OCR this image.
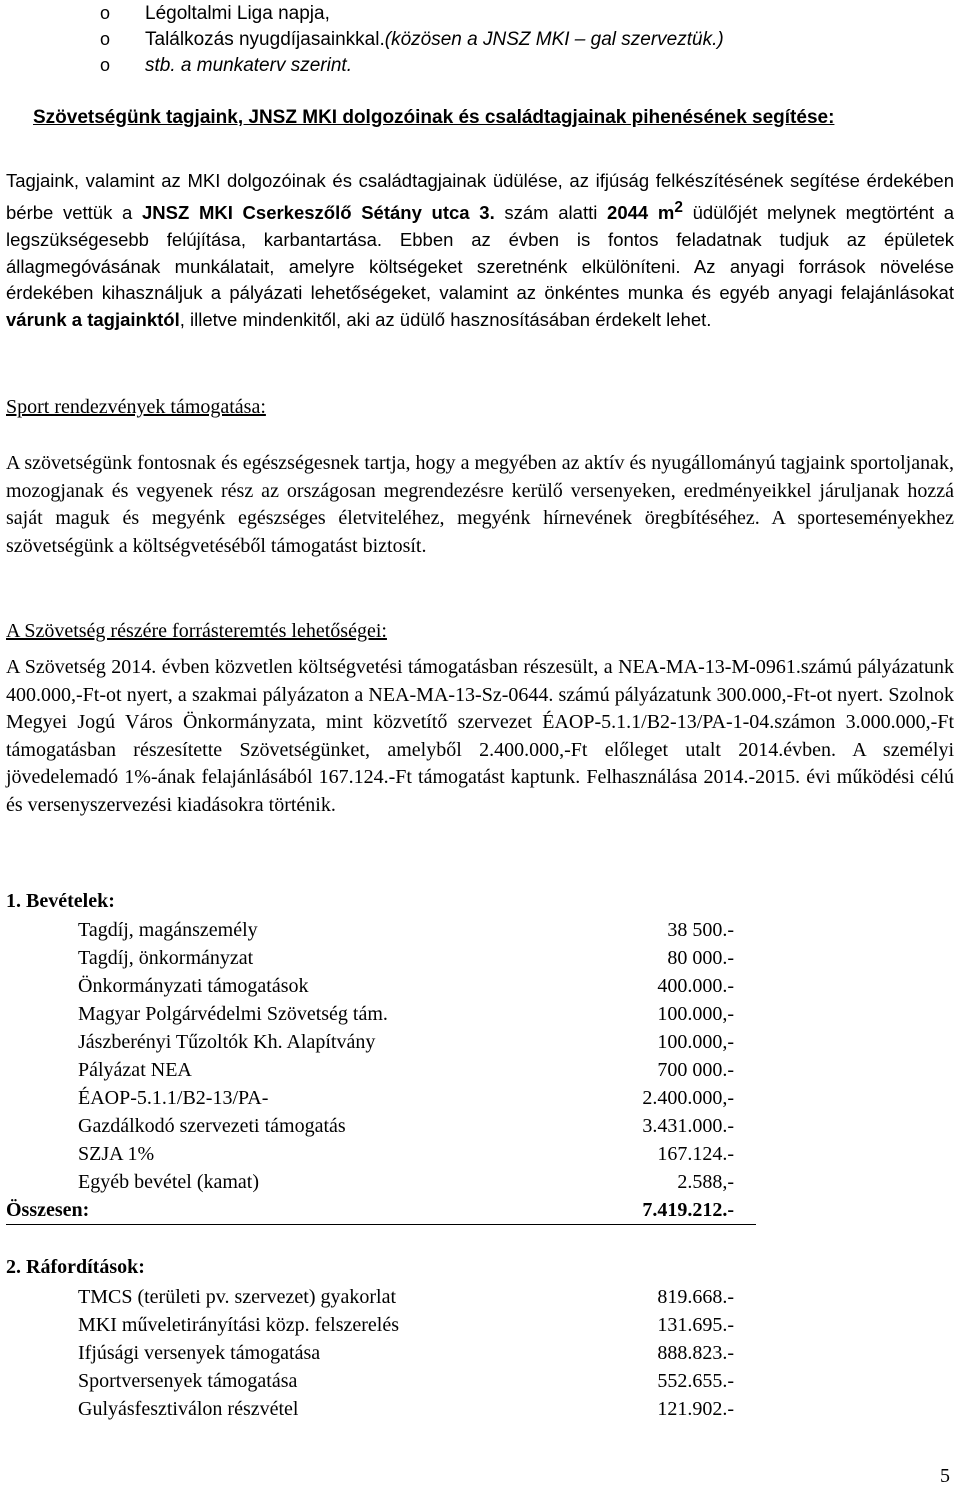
o	Légoltalmi Liga napja,
o	Találkozás nyugdíjasainkkal. (közösen a JNSZ MKI – gal szerveztük.)
o	stb. a munkaterv szerint.
Szövetségünk tagjaink, JNSZ MKI dolgozóinak és családtagjainak pihenésének segítése:
Tagjaink, valamint az MKI dolgozóinak és családtagjainak üdülése, az ifjúság felkészítésének segítése érdekében bérbe vettük a JNSZ MKI Cserkeszőlő Sétány utca 3. szám alatti 2044 $m^2$ üdülőjét melynek megtörtént a legszükségesebb felújítása, karbantartása. Ebben az évben is fontos feladatnak tudjuk az épületek állagmegóvásának munkálatait, amelyre költségeket szeretnénk elkülöníteni. Az anyagi források növelése érdekében kihasználjuk a pályázati lehetőségeket, valamint az önkéntes munka és egyéb anyagi felajánlásokat várunk a tagjainktól, illetve mindenkitől, aki az üdülő hasznosításában érdekelt lehet.
Sport rendezvények támogatása:
A szövetségünk fontosnak és egészségesnek tartja, hogy a megyében az aktív és nyugállományú tagjaink sportoljanak, mozogjanak és vegyenek rész az országosan megrendezésre kerülő versenyeken, eredményeikkel járuljanak hozzá saját maguk és megyénk egészséges életviteléhez, megyénk hírnevének öregbítéséhez. A sporteseményekhez szövetségünk a költségvetéséből támogatást biztosít.
A Szövetség részére forrásteremtés lehetőségei:
A Szövetség 2014. évben közvetlen költségvetési támogatásban részesült, a NEA-MA-13-M-0961.számú pályázatunk 400.000,-Ft-ot nyert, a szakmai pályázaton a NEA-MA-13-Sz-0644. számú pályázatunk 300.000,-Ft-ot nyert. Szolnok Megyei Jogú Város Önkormányzata, mint közvetítő szervezet ÉAOP-5.1.1/B2-13/PA-1-04.számon 3.000.000,-Ft támogatásban részesítette Szövetségünket, amelyből 2.400.000,-Ft előleget utalt 2014.évben. A személyi jövedelemadó 1%-ának felajánlásából 167.124.-Ft támogatást kaptunk. Felhasználása 2014.-2015. évi működési célú és versenyszervezési kiadásokra történik.
1. Bevételek:
Tagdíj, magánszemély	38 500.-
Tagdíj, önkormányzat	80 000.-
Önkormányzati támogatások	400.000.-
Magyar Polgárvédelmi Szövetség tám.	100.000,-
Jászberényi Tűzoltók Kh. Alapítvány	100.000,-
Pályázat NEA	700 000.-
ÉAOP-5.1.1/B2-13/PA-	2.400.000,-
Gazdálkodó szervezeti támogatás	3.431.000.-
SZJA 1%	167.124.-
Egyéb bevétel (kamat)	2.588,-
Összesen:	7.419.212.-
2. Ráfordítások:
TMCS (területi pv. szervezet) gyakorlat	819.668.-
MKI műveletirányítási közp. felszerelés	131.695.-
Ifjúsági versenyek támogatása	888.823.-
Sportversenyek támogatása	552.655.-
Gulyásfesztiválon részvétel	121.902.-
5
